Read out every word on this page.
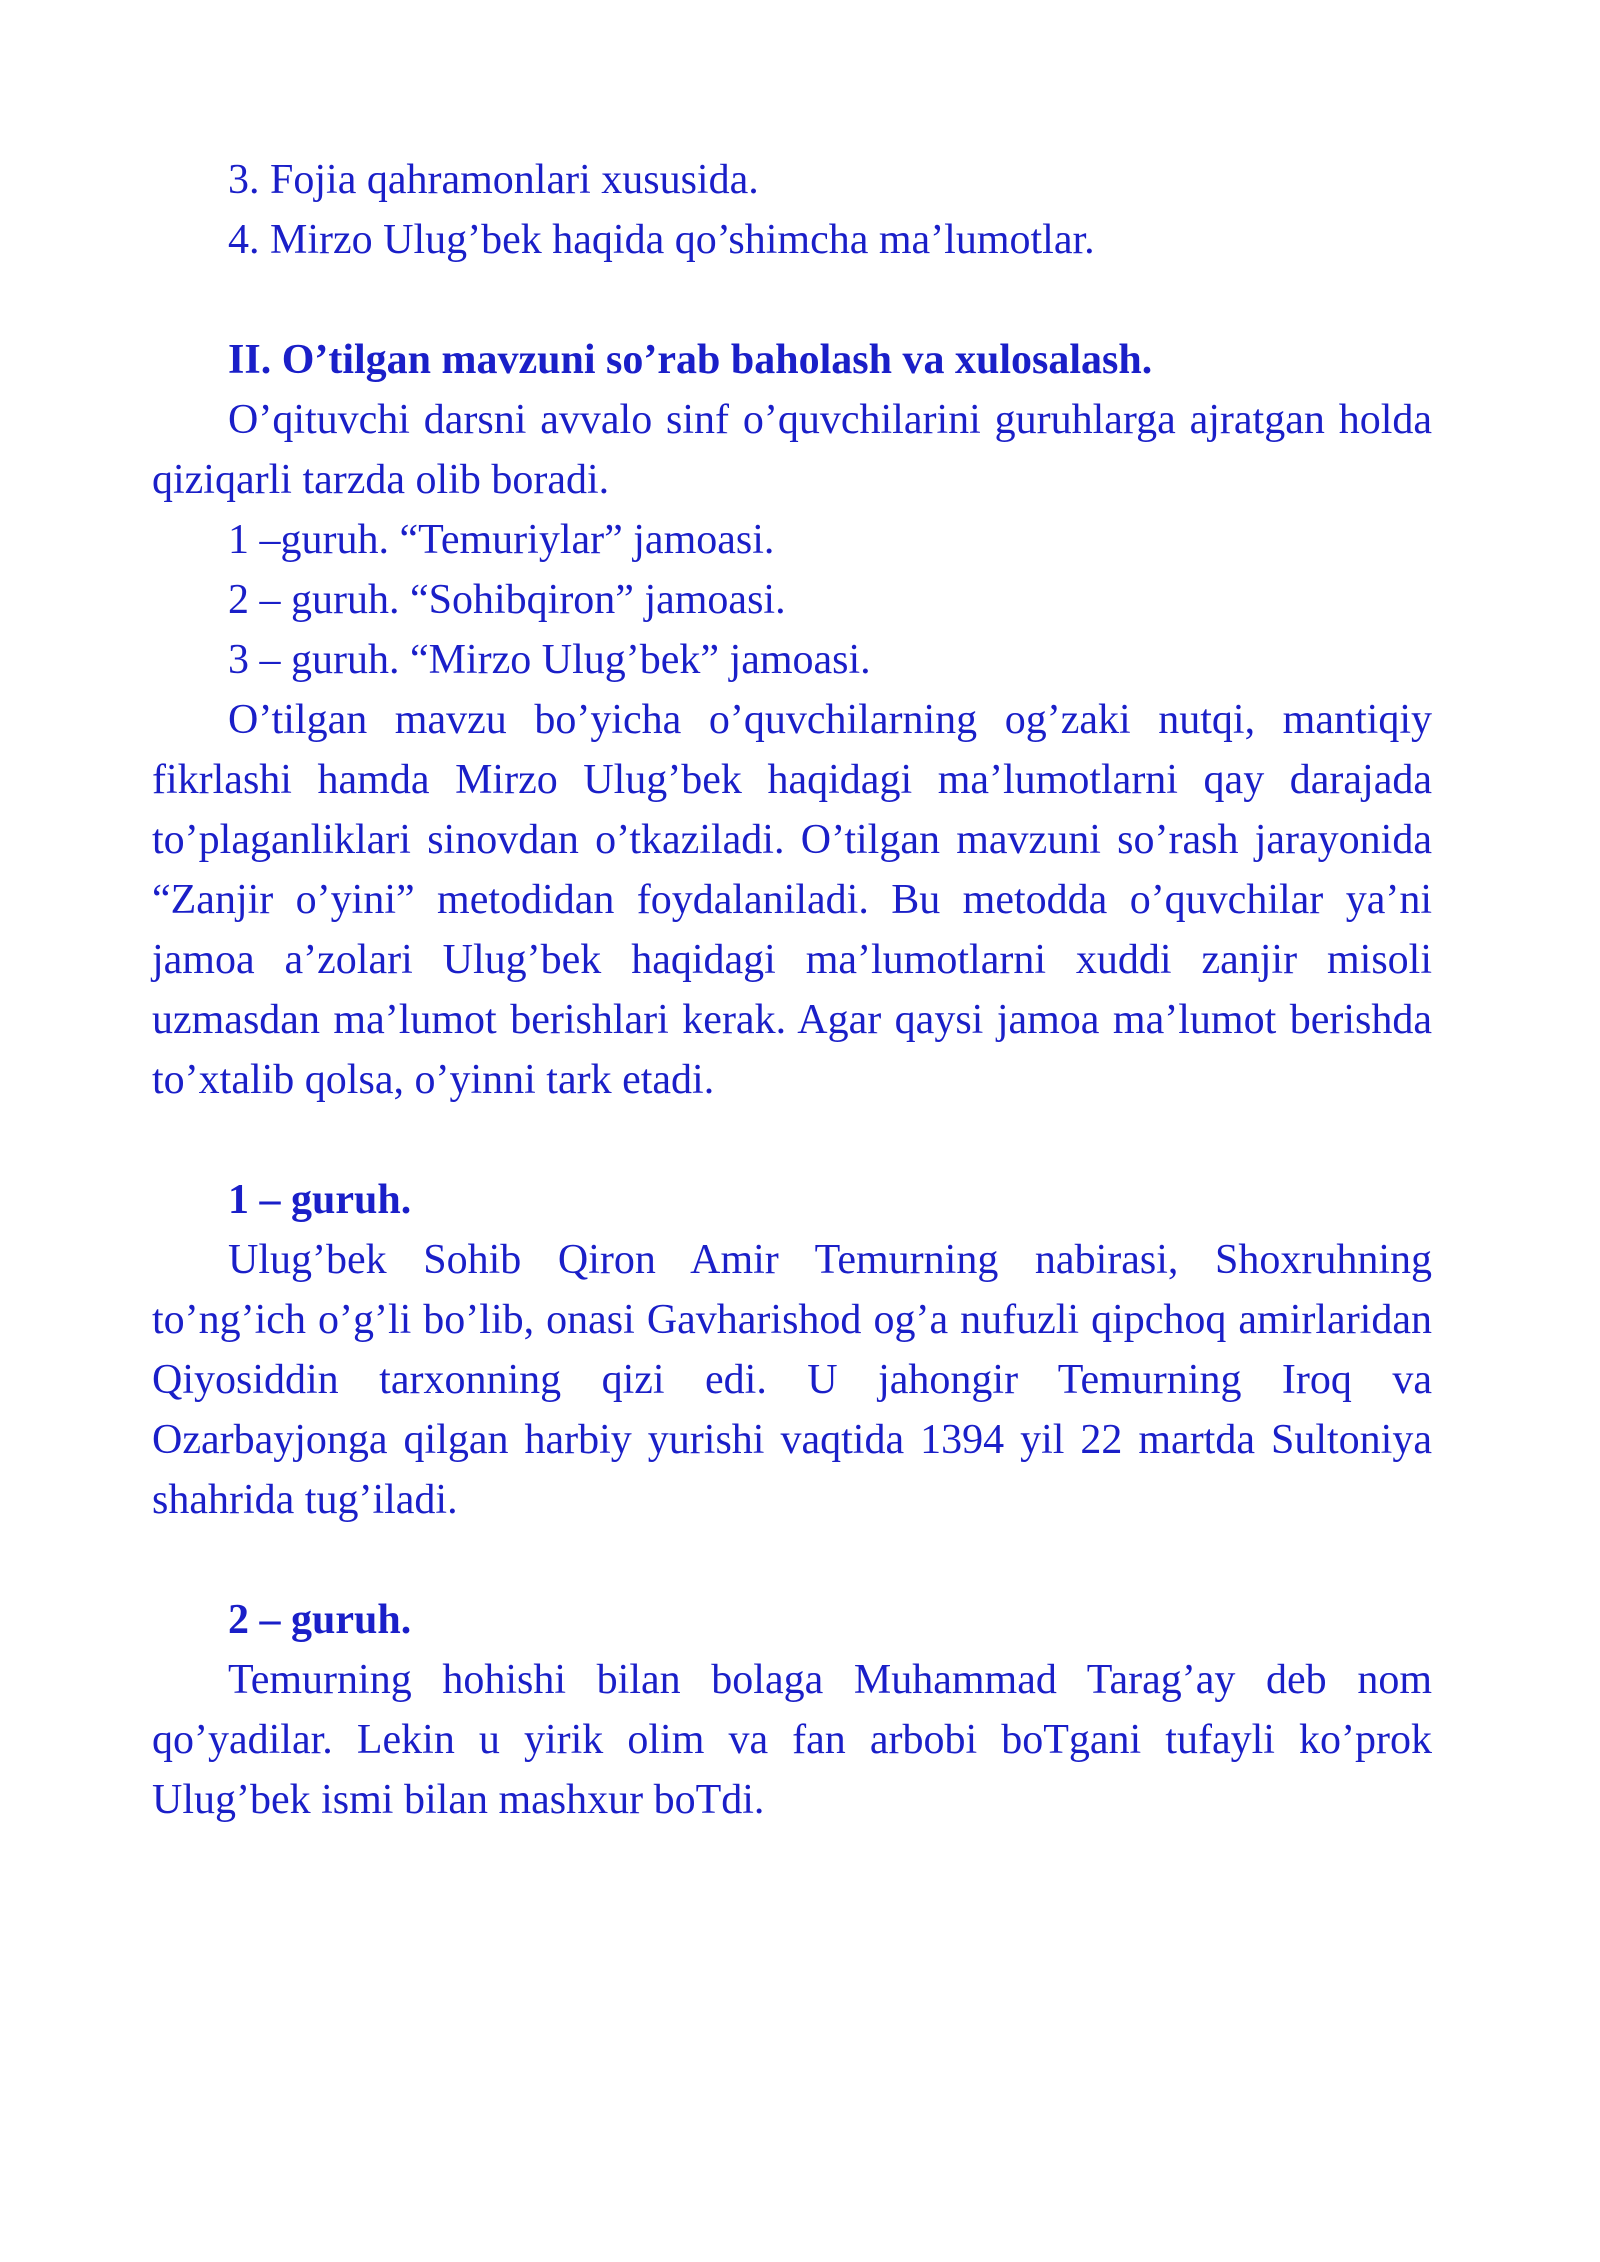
3. Fojia qahramonlari xususida.

4. Mirzo Ulug’bek haqida qo’shimcha ma’lumotlar.

II. O’tilgan mavzuni so’rab baholash va xulosalash.

O’qituvchi darsni avvalo sinf o’quvchilarini guruhlarga ajratgan holda qiziqarli tarzda olib boradi.

1 –guruh. “Temuriylar” jamoasi.

2 – guruh. “Sohibqiron” jamoasi.

3 – guruh. “Mirzo Ulug’bek” jamoasi.

O’tilgan mavzu bo’yicha o’quvchilarning og’zaki nutqi, mantiqiy fikrlashi hamda Mirzo Ulug’bek haqidagi ma’lumotlarni qay darajada to’plaganliklari sinovdan o’tkaziladi. O’tilgan mavzuni so’rash jarayonida “Zanjir o’yini” metodidan foydalaniladi. Bu metodda o’quvchilar ya’ni jamoa a’zolari Ulug’bek haqidagi ma’lumotlarni xuddi zanjir misoli uzmasdan ma’lumot berishlari kerak. Agar qaysi jamoa ma’lumot berishda to’xtalib qolsa, o’yinni tark etadi.

1 – guruh.

Ulug’bek Sohib Qiron Amir Temurning nabirasi, Shoxruhning to’ng’ich o’g’li bo’lib, onasi Gavharishod og’a nufuzli qipchoq amirlaridan Qiyosiddin tarxonning qizi edi. U jahongir Temurning Iroq va Ozarbayjonga qilgan harbiy yurishi vaqtida 1394 yil 22 martda Sultoniya shahrida tug’iladi.

2 – guruh.

Temurning hohishi bilan bolaga Muhammad Tarag’ay deb nom qo’yadilar. Lekin u yirik olim va fan arbobi boTgani tufayli ko’prok Ulug’bek ismi bilan mashxur boTdi.
